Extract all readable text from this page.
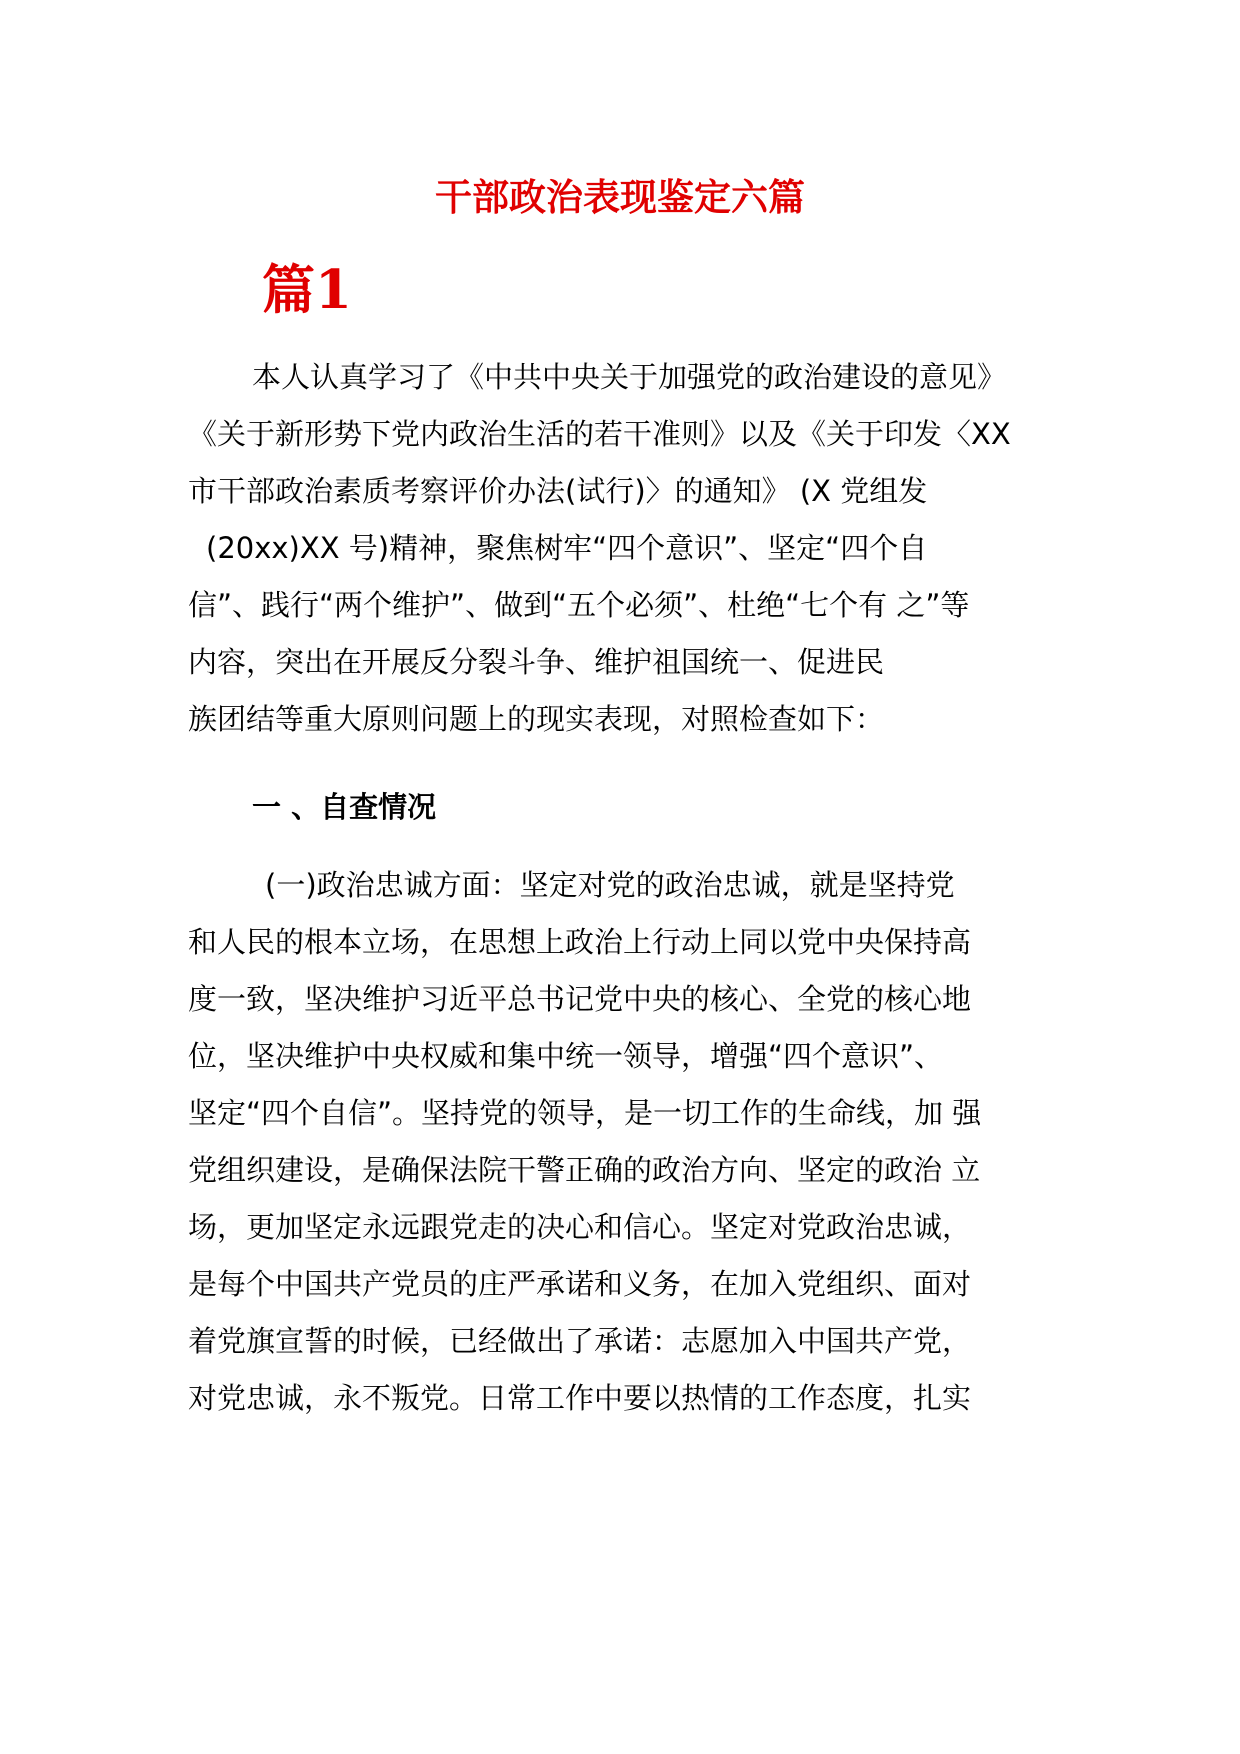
干部政治表现鉴定六篇
篇1

本人认真学习了《中共中央关于加强党的政治建设的意见》

《关于新形势下党内政治生活的若干准则》以及《关于印发〈XX

市干部政治素质考察评价办法(试行)〉的通知》 (X 党组发

(20xx)XX 号)精神，聚焦树牢“四个意识”、坚定“四个自

信”、践行“两个维护”、做到“五个必须”、杜绝“七个有 之”等

内容，突出在开展反分裂斗争、维护祖国统一、促进民

族团结等重大原则问题上的现实表现，对照检查如下：

一 、自查情况

(一)政治忠诚方面：坚定对党的政治忠诚，就是坚持党

和人民的根本立场，在思想上政治上行动上同以党中央保持高

度一致，坚决维护习近平总书记党中央的核心、全党的核心地

位，坚决维护中央权威和集中统一领导，增强“四个意识”、

坚定“四个自信”。坚持党的领导，是一切工作的生命线，加 强

党组织建设，是确保法院干警正确的政治方向、坚定的政治 立

场，更加坚定永远跟党走的决心和信心。坚定对党政治忠诚，

是每个中国共产党员的庄严承诺和义务，在加入党组织、面对

着党旗宣誓的时候，已经做出了承诺：志愿加入中国共产党，

对党忠诚，永不叛党。日常工作中要以热情的工作态度，扎实
